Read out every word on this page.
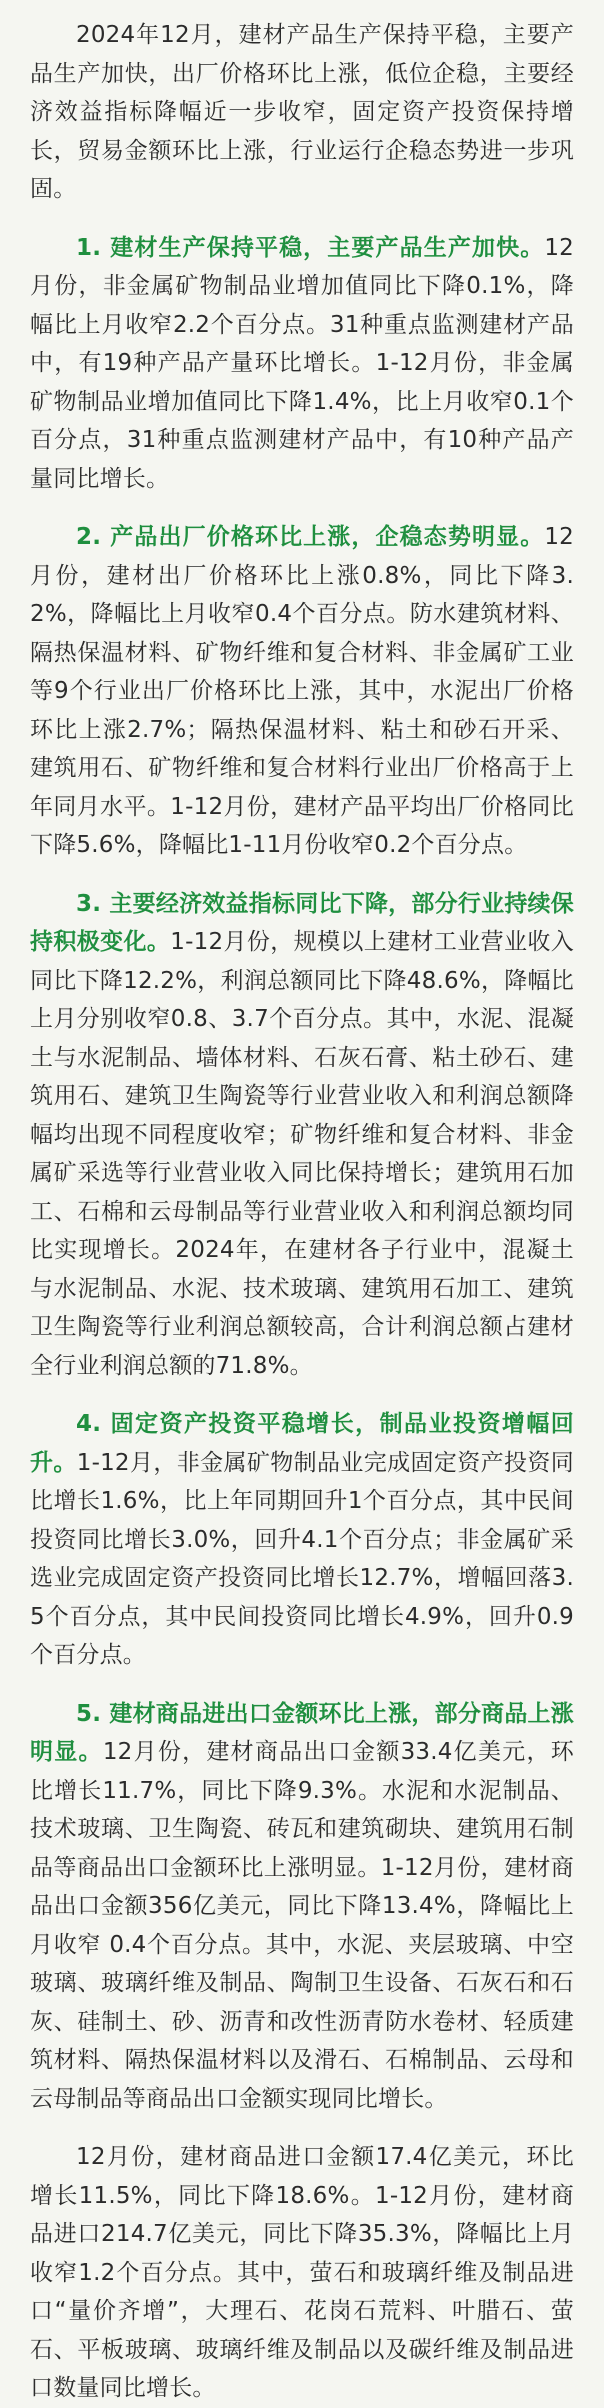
2024年12月，建材产品生产保持平稳，主要产品生产加快，出厂价格环比上涨，低位企稳，主要经济效益指标降幅近一步收窄，固定资产投资保持增长，贸易金额环比上涨，行业运行企稳态势进一步巩固。

1. 建材生产保持平稳，主要产品生产加快。12月份，非金属矿物制品业增加值同比下降0.1%，降幅比上月收窄2.2个百分点。31种重点监测建材产品中，有19种产品产量环比增长。1-12月份，非金属矿物制品业增加值同比下降1.4%，比上月收窄0.1个百分点，31种重点监测建材产品中，有10种产品产量同比增长。

2. 产品出厂价格环比上涨，企稳态势明显。12月份，建材出厂价格环比上涨0.8%，同比下降3.2%，降幅比上月收窄0.4个百分点。防水建筑材料、隔热保温材料、矿物纤维和复合材料、非金属矿工业等9个行业出厂价格环比上涨，其中，水泥出厂价格环比上涨2.7%；隔热保温材料、粘土和砂石开采、建筑用石、矿物纤维和复合材料行业出厂价格高于上年同月水平。1-12月份，建材产品平均出厂价格同比下降5.6%，降幅比1-11月份收窄0.2个百分点。

3. 主要经济效益指标同比下降，部分行业持续保持积极变化。1-12月份，规模以上建材工业营业收入同比下降12.2%，利润总额同比下降48.6%，降幅比上月分别收窄0.8、3.7个百分点。其中，水泥、混凝土与水泥制品、墙体材料、石灰石膏、粘土砂石、建筑用石、建筑卫生陶瓷等行业营业收入和利润总额降幅均出现不同程度收窄；矿物纤维和复合材料、非金属矿采选等行业营业收入同比保持增长；建筑用石加工、石棉和云母制品等行业营业收入和利润总额均同比实现增长。2024年，在建材各子行业中，混凝土与水泥制品、水泥、技术玻璃、建筑用石加工、建筑卫生陶瓷等行业利润总额较高，合计利润总额占建材全行业利润总额的71.8%。

4. 固定资产投资平稳增长，制品业投资增幅回升。1-12月，非金属矿物制品业完成固定资产投资同比增长1.6%，比上年同期回升1个百分点，其中民间投资同比增长3.0%，回升4.1个百分点；非金属矿采选业完成固定资产投资同比增长12.7%，增幅回落3.5个百分点，其中民间投资同比增长4.9%，回升0.9个百分点。

5. 建材商品进出口金额环比上涨，部分商品上涨明显。12月份，建材商品出口金额33.4亿美元，环比增长11.7%，同比下降9.3%。水泥和水泥制品、技术玻璃、卫生陶瓷、砖瓦和建筑砌块、建筑用石制品等商品出口金额环比上涨明显。1-12月份，建材商品出口金额356亿美元，同比下降13.4%，降幅比上月收窄 0.4个百分点。其中，水泥、夹层玻璃、中空玻璃、玻璃纤维及制品、陶制卫生设备、石灰石和石灰、硅制土、砂、沥青和改性沥青防水卷材、轻质建筑材料、隔热保温材料以及滑石、石棉制品、云母和云母制品等商品出口金额实现同比增长。

12月份，建材商品进口金额17.4亿美元，环比增长11.5%，同比下降18.6%。1-12月份，建材商品进口214.7亿美元，同比下降35.3%，降幅比上月收窄1.2个百分点。其中，萤石和玻璃纤维及制品进口“量价齐增”，大理石、花岗石荒料、叶腊石、萤石、平板玻璃、玻璃纤维及制品以及碳纤维及制品进口数量同比增长。
